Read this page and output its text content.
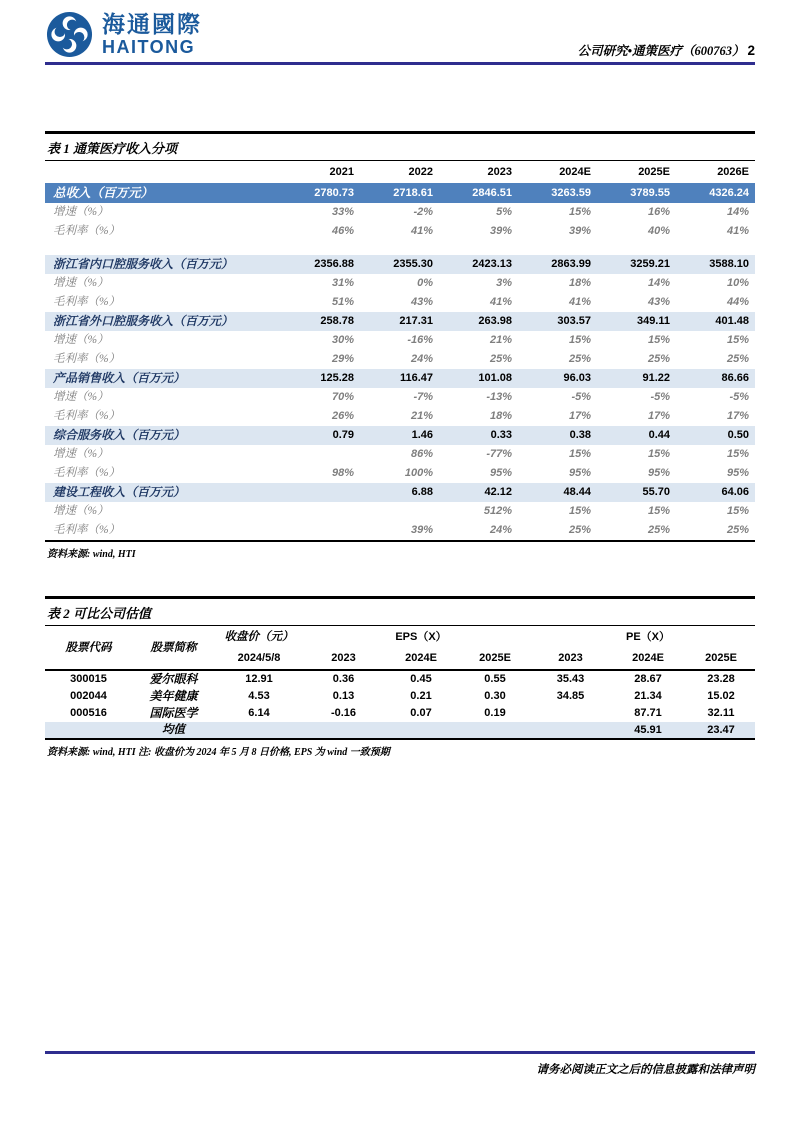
海通國際
HAITONG	公司研究•通策医疗（600763） 2
表 1 通策医疗收入分项
	2021	2022	2023	2024E	2025E	2026E
总收入（百万元）	2780.73	2718.61	2846.51	3263.59	3789.55	4326.24
增速（%）	33%	-2%	5%	15%	16%	14%
毛利率（%）	46%	41%	39%	39%	40%	41%
浙江省内口腔服务收入（百万元）	2356.88	2355.30	2423.13	2863.99	3259.21	3588.10
增速（%）	31%	0%	3%	18%	14%	10%
毛利率（%）	51%	43%	41%	41%	43%	44%
浙江省外口腔服务收入（百万元）	258.78	217.31	263.98	303.57	349.11	401.48
增速（%）	30%	-16%	21%	15%	15%	15%
毛利率（%）	29%	24%	25%	25%	25%	25%
产品销售收入（百万元）	125.28	116.47	101.08	96.03	91.22	86.66
增速（%）	70%	-7%	-13%	-5%	-5%	-5%
毛利率（%）	26%	21%	18%	17%	17%	17%
综合服务收入（百万元）	0.79	1.46	0.33	0.38	0.44	0.50
增速（%）		86%	-77%	15%	15%	15%
毛利率（%）	98%	100%	95%	95%	95%	95%
建设工程收入（百万元）		6.88	42.12	48.44	55.70	64.06
增速（%）			512%	15%	15%	15%
毛利率（%）		39%	24%	25%	25%	25%
资料来源: wind, HTI
表 2 可比公司估值
股票代码	股票简称	收盘价（元）		EPS（X）			PE（X）	
		2024/5/8	2023	2024E	2025E	2023	2024E	2025E
300015	爱尔眼科	12.91	0.36	0.45	0.55	35.43	28.67	23.28
002044	美年健康	4.53	0.13	0.21	0.30	34.85	21.34	15.02
000516	国际医学	6.14	-0.16	0.07	0.19		87.71	32.11
	均值						45.91	23.47
资料来源: wind, HTI 注: 收盘价为 2024 年 5 月 8 日价格, EPS 为 wind 一致预期
请务必阅读正文之后的信息披露和法律声明
